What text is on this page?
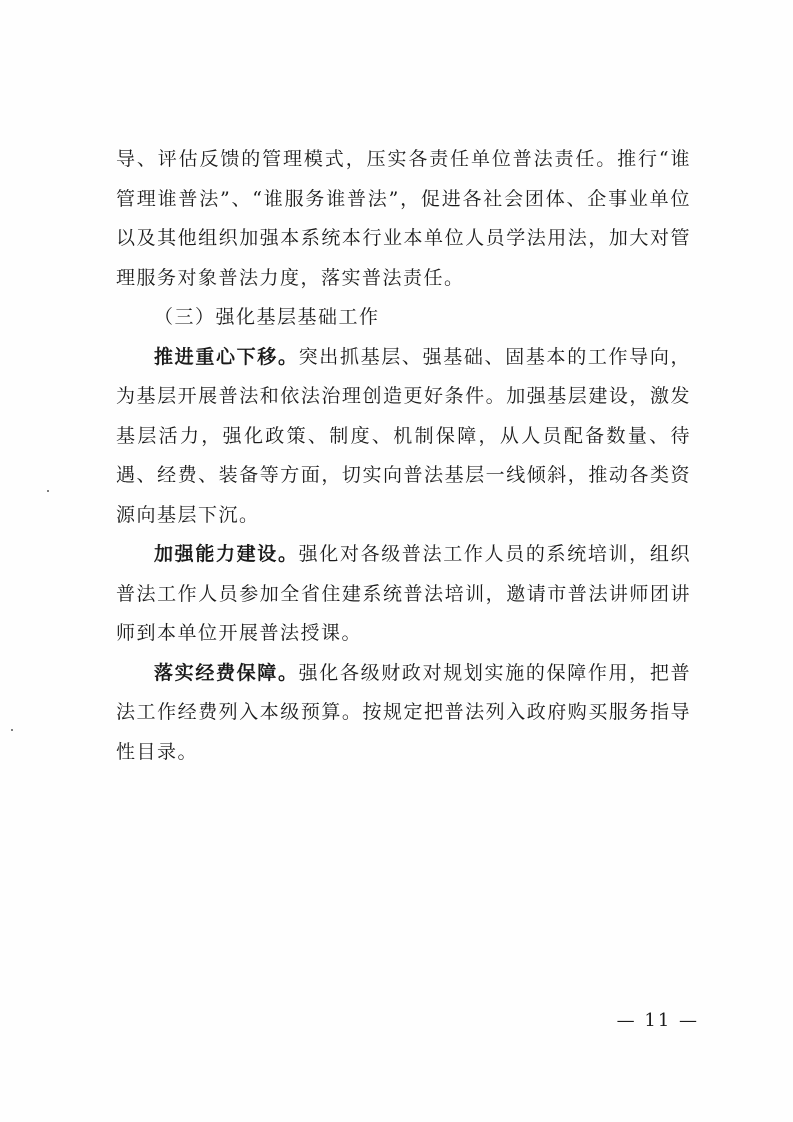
导、评估反馈的管理模式，压实各责任单位普法责任。推行“谁管理谁普法”、“谁服务谁普法”，促进各社会团体、企事业单位以及其他组织加强本系统本行业本单位人员学法用法，加大对管理服务对象普法力度，落实普法责任。

（三）强化基层基础工作

推进重心下移。突出抓基层、强基础、固基本的工作导向，为基层开展普法和依法治理创造更好条件。加强基层建设，激发基层活力，强化政策、制度、机制保障，从人员配备数量、待遇、经费、装备等方面，切实向普法基层一线倾斜，推动各类资源向基层下沉。

加强能力建设。强化对各级普法工作人员的系统培训，组织普法工作人员参加全省住建系统普法培训，邀请市普法讲师团讲师到本单位开展普法授课。

落实经费保障。强化各级财政对规划实施的保障作用，把普法工作经费列入本级预算。按规定把普法列入政府购买服务指导性目录。

— 11 —
